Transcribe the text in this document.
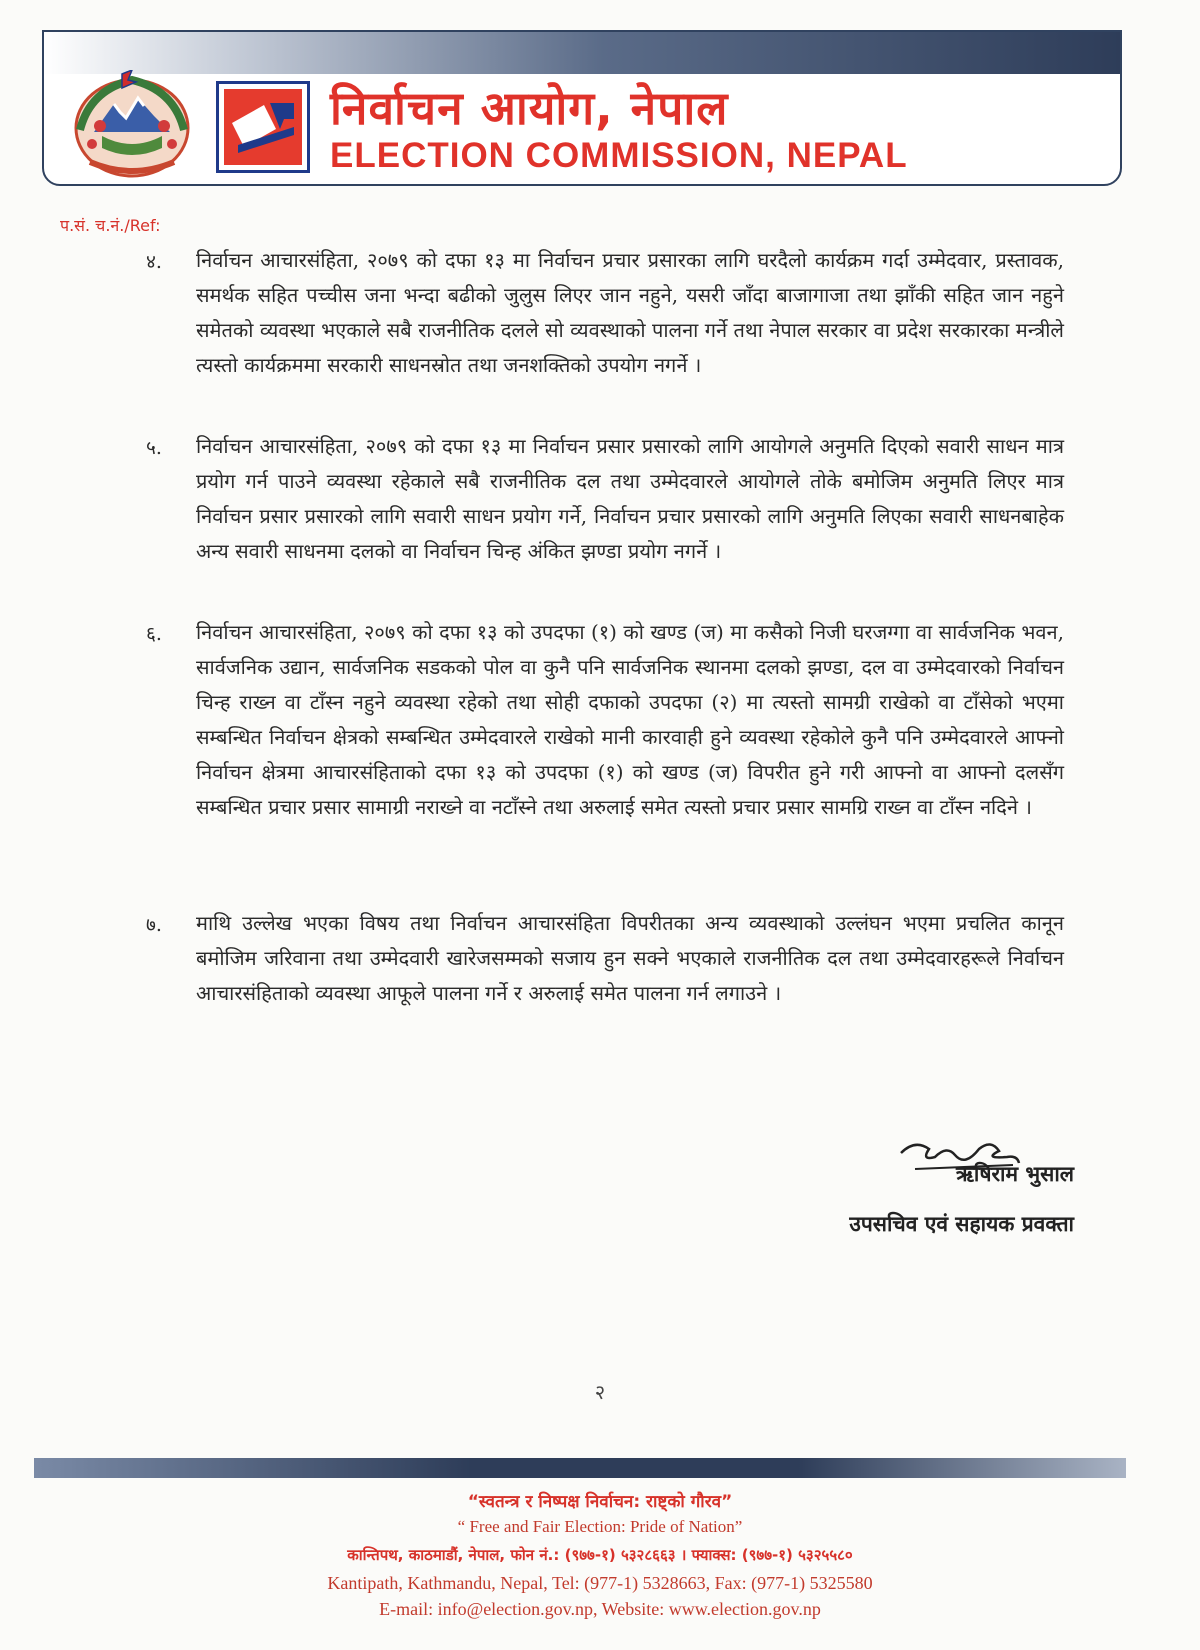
निर्वाचन आयोग, नेपाल
ELECTION COMMISSION, NEPAL
प.सं. च.नं./Ref:
४. निर्वाचन आचारसंहिता, २०७९ को दफा १३ मा निर्वाचन प्रचार प्रसारका लागि घरदैलो कार्यक्रम गर्दा उम्मेदवार, प्रस्तावक, समर्थक सहित पच्चीस जना भन्दा बढीको जुलुस लिएर जान नहुने, यसरी जाँदा बाजागाजा तथा झाँकी सहित जान नहुने समेतको व्यवस्था भएकाले सबै राजनीतिक दलले सो व्यवस्थाको पालना गर्ने तथा नेपाल सरकार वा प्रदेश सरकारका मन्त्रीले त्यस्तो कार्यक्रममा सरकारी साधनस्रोत तथा जनशक्तिको उपयोग नगर्ने ।
५. निर्वाचन आचारसंहिता, २०७९ को दफा १३ मा निर्वाचन प्रसार प्रसारको लागि आयोगले अनुमति दिएको सवारी साधन मात्र प्रयोग गर्न पाउने व्यवस्था रहेकाले सबै राजनीतिक दल तथा उम्मेदवारले आयोगले तोके बमोजिम अनुमति लिएर मात्र निर्वाचन प्रसार प्रसारको लागि सवारी साधन प्रयोग गर्ने, निर्वाचन प्रचार प्रसारको लागि अनुमति लिएका सवारी साधनबाहेक अन्य सवारी साधनमा दलको वा निर्वाचन चिन्ह अंकित झण्डा प्रयोग नगर्ने ।
६. निर्वाचन आचारसंहिता, २०७९ को दफा १३ को उपदफा (१) को खण्ड (ज) मा कसैको निजी घरजग्गा वा सार्वजनिक भवन, सार्वजनिक उद्यान, सार्वजनिक सडकको पोल वा कुनै पनि सार्वजनिक स्थानमा दलको झण्डा, दल वा उम्मेदवारको निर्वाचन चिन्ह राख्न वा टाँस्न नहुने व्यवस्था रहेको तथा सोही दफाको उपदफा (२) मा त्यस्तो सामग्री राखेको वा टाँसेको भएमा सम्बन्धित निर्वाचन क्षेत्रको सम्बन्धित उम्मेदवारले राखेको मानी कारवाही हुने व्यवस्था रहेकोले कुनै पनि उम्मेदवारले आफ्नो निर्वाचन क्षेत्रमा आचारसंहिताको दफा १३ को उपदफा (१) को खण्ड (ज) विपरीत हुने गरी आफ्नो वा आफ्नो दलसँग सम्बन्धित प्रचार प्रसार सामाग्री नराख्ने वा नटाँस्ने तथा अरुलाई समेत त्यस्तो प्रचार प्रसार सामग्रि राख्न वा टाँस्न नदिने ।
७. माथि उल्लेख भएका विषय तथा निर्वाचन आचारसंहिता विपरीतका अन्य व्यवस्थाको उल्लंघन भएमा प्रचलित कानून बमोजिम जरिवाना तथा उम्मेदवारी खारेजसम्मको सजाय हुन सक्ने भएकाले राजनीतिक दल तथा उम्मेदवारहरूले निर्वाचन आचारसंहिताको व्यवस्था आफूले पालना गर्ने र अरुलाई समेत पालना गर्न लगाउने ।
ऋषिराम भुसाल
उपसचिव एवं सहायक प्रवक्ता
२
“स्वतन्त्र र निष्पक्ष निर्वाचन: राष्ट्को गौरव”
“ Free and Fair Election: Pride of Nation”
कान्तिपथ, काठमाडौं, नेपाल, फोन नं.: (९७७-१) ५३२८६६३ । फ्याक्स: (९७७-१) ५३२५५८०
Kantipath, Kathmandu, Nepal, Tel: (977-1) 5328663, Fax: (977-1) 5325580
E-mail: info@election.gov.np, Website: www.election.gov.np
